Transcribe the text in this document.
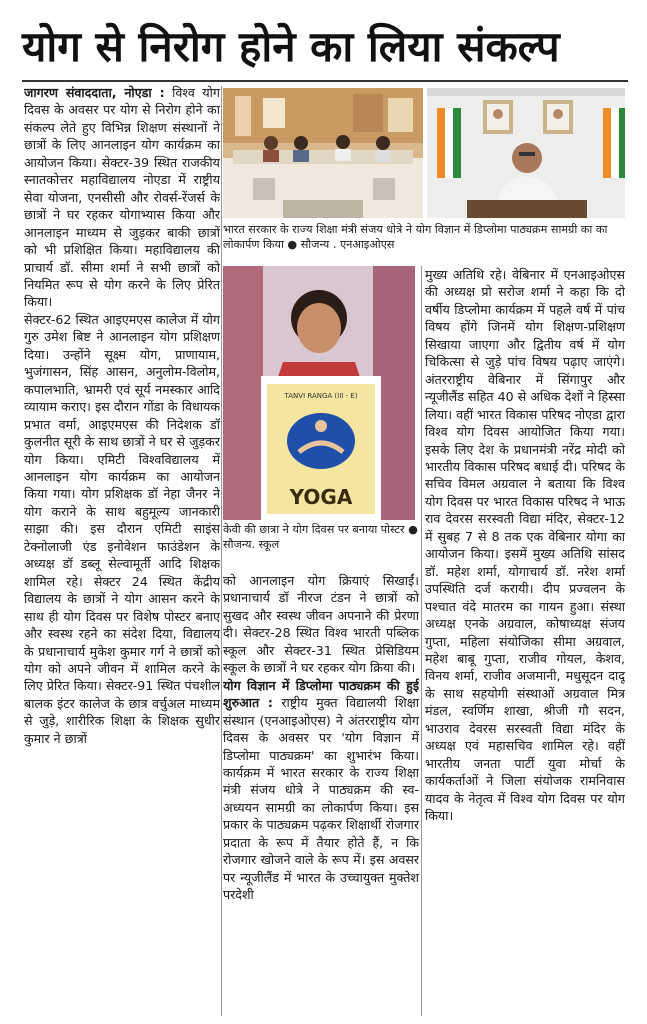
योग से निरोग होने का लिया संकल्प

जागरण संवाददाता, नोएडा : विश्व योग दिवस के अवसर पर योग से निरोग होने का संकल्प लेते हुए विभिन्न शिक्षण संस्थानों ने छात्रों के लिए आनलाइन योग कार्यक्रम का आयोजन किया। सेक्टर-39 स्थित राजकीय स्नातकोत्तर महाविद्यालय नोएडा में राष्ट्रीय सेवा योजना, एनसीसी और रोवर्स-रेंजर्स के छात्रों ने घर रहकर योगाभ्यास किया और आनलाइन माध्यम से जुड़कर बाकी छात्रों को भी प्रशिक्षित किया। महाविद्यालय की प्राचार्य डॉ. सीमा शर्मा ने सभी छात्रों को नियमित रूप से योग करने के लिए प्रेरित किया।

सेक्टर-62 स्थित आइएमएस कालेज में योग गुरु उमेश बिष्ट ने आनलाइन योग प्रशिक्षण दिया। उन्होंने सूक्ष्म योग, प्राणायाम, भुजंगासन, सिंह आसन, अनुलोम-विलोम, कपालभाति, भ्रामरी एवं सूर्य नमस्कार आदि व्यायाम कराए। इस दौरान गोंडा के विधायक प्रभात वर्मा, आइएमएस की निदेशक डॉ कुलनीत सूरी के साथ छात्रों ने घर से जुड़कर योग किया। एमिटी विश्वविद्यालय में आनलाइन योग कार्यक्रम का आयोजन किया गया। योग प्रशिक्षक डॉ नेहा जैनर ने योग कराने के साथ बहुमूल्य जानकारी साझा की। इस दौरान एमिटी साइंस टेक्नोलाजी एंड इनोवेशन फाउंडेशन के अध्यक्ष डॉ डब्लू सेल्वामूर्ती आदि शिक्षक शामिल रहे। सेक्टर 24 स्थित केंद्रीय विद्यालय के छात्रों ने योग आसन करने के साथ ही योग दिवस पर विशेष पोस्टर बनाए और स्वस्थ रहने का संदेश दिया, विद्यालय के प्रधानाचार्य मुकेश कुमार गर्ग ने छात्रों को योग को अपने जीवन में शामिल करने के लिए प्रेरित किया। सेक्टर-91 स्थित पंचशील बालक इंटर कालेज के छात्र वर्चुअल माध्यम से जुड़े, शारीरिक शिक्षा के शिक्षक सुधीर कुमार ने छात्रों

भारत सरकार के राज्य शिक्षा मंत्री संजय धोत्रे ने योग विज्ञान में डिप्लोमा पाठ्यक्रम सामग्री का का लोकार्पण किया ● सौजन्य . एनआइओएस
TANVI RANGA (III - E)
YOGA
केवी की छात्रा ने योग दिवस पर बनाया पोस्टर ● सौजन्य. स्कूल

को आनलाइन योग क्रियाएं सिखाईं। प्रधानाचार्य डॉ नीरज टंडन ने छात्रों को सुखद और स्वस्थ जीवन अपनाने की प्रेरणा दी। सेक्टर-28 स्थित विश्व भारती पब्लिक स्कूल और सेक्टर-31 स्थित प्रेसिडियम स्कूल के छात्रों ने घर रहकर योग क्रिया की।

योग विज्ञान में डिप्लोमा पाठ्यक्रम की हुई शुरुआत : राष्ट्रीय मुक्त विद्यालयी शिक्षा संस्थान (एनआइओएस) ने अंतरराष्ट्रीय योग दिवस के अवसर पर 'योग विज्ञान में डिप्लोमा पाठ्यक्रम' का शुभारंभ किया। कार्यक्रम में भारत सरकार के राज्य शिक्षा मंत्री संजय धोत्रे ने पाठ्यक्रम की स्व-अध्ययन सामग्री का लोकार्पण किया। इस प्रकार के पाठ्यक्रम पढ़कर शिक्षार्थी रोजगार प्रदाता के रूप में तैयार होते हैं, न कि रोजगार खोजने वाले के रूप में। इस अवसर पर न्यूजीलैंड में भारत के उच्चायुक्त मुक्तेश परदेशी

मुख्य अतिथि रहे। वेबिनार में एनआइओएस की अध्यक्ष प्रो सरोज शर्मा ने कहा कि दो वर्षीय डिप्लोमा कार्यक्रम में पहले वर्ष में पांच विषय होंगे जिनमें योग शिक्षण-प्रशिक्षण सिखाया जाएगा और द्वितीय वर्ष में योग चिकित्सा से जुड़े पांच विषय पढ़ाए जाएंगे। अंतरराष्ट्रीय वेबिनार में सिंगापुर और न्यूजीलैंड सहित 40 से अधिक देशों ने हिस्सा लिया। वहीं भारत विकास परिषद नोएडा द्वारा विश्व योग दिवस आयोजित किया गया। इसके लिए देश के प्रधानमंत्री नरेंद्र मोदी को भारतीय विकास परिषद बधाई दी। परिषद के सचिव विमल अग्रवाल ने बताया कि विश्व योग दिवस पर भारत विकास परिषद ने भाऊ राव देवरस सरस्वती विद्या मंदिर, सेक्टर-12 में सुबह 7 से 8 तक एक वेबिनार योगा का आयोजन किया। इसमें मुख्य अतिथि सांसद डॉ. महेश शर्मा, योगाचार्य डॉ. नरेश शर्मा उपस्थिति दर्ज करायी। दीप प्रज्वलन के पश्चात वंदे मातरम का गायन हुआ। संस्था अध्यक्ष एनके अग्रवाल, कोषाध्यक्ष संजय गुप्ता, महिला संयोजिका सीमा अग्रवाल, महेश बाबू गुप्ता, राजीव गोयल, केशव, विनय शर्मा, राजीव अजमानी, मधुसूदन दादू के साथ सहयोगी संस्थाओं अग्रवाल मित्र मंडल, स्वर्णिम शाखा, श्रीजी गौ सदन, भाउराव देवरस सरस्वती विद्या मंदिर के अध्यक्ष एवं महासचिव शामिल रहे। वहीं भारतीय जनता पार्टी युवा मोर्चा के कार्यकर्ताओं ने जिला संयोजक रामनिवास यादव के नेतृत्व में विश्व योग दिवस पर योग किया।
